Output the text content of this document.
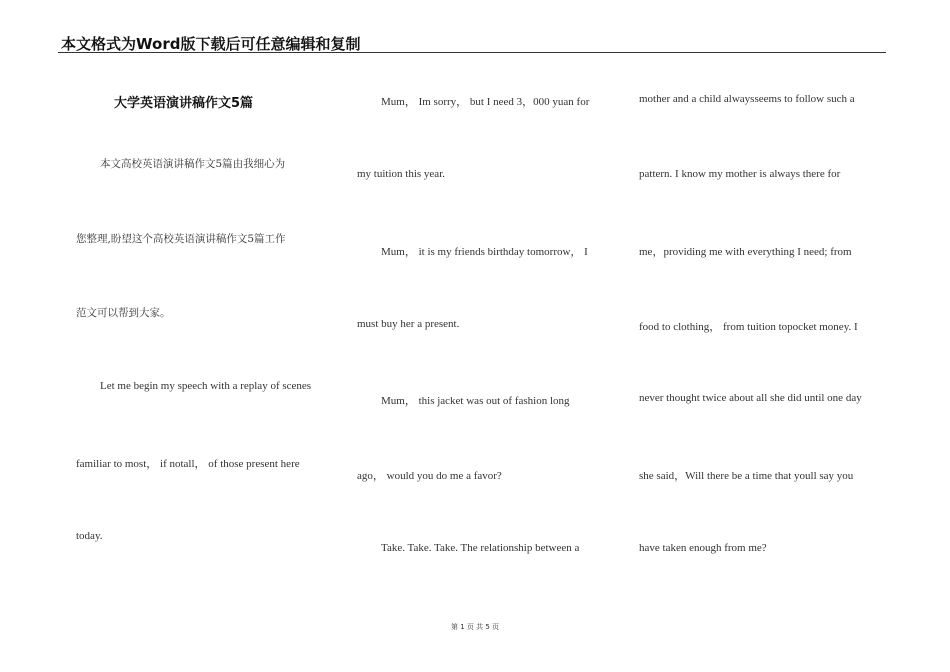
本文格式为Word版下载后可任意编辑和复制
大学英语演讲稿作文5篇
本文高校英语演讲稿作文5篇由我细心为
您整理,盼望这个高校英语演讲稿作文5篇工作
范文可以帮到大家。
Let me begin my speech with a replay of scenes
familiar to most， if notall， of those present here
today.
Mum， Im sorry， but I need 3，000 yuan for
my tuition this year.
Mum， it is my friends birthday tomorrow， I
must buy her a present.
Mum， this jacket was out of fashion long
ago， would you do me a favor?
Take. Take. Take. The relationship between a
mother and a child alwaysseems to follow such a
pattern. I know my mother is always there for
me，providing me with everything I need; from
food to clothing， from tuition topocket money. I
never thought twice about all she did until one day
she said，Will there be a time that youll say you
have taken enough from me?
第 1 页 共 5 页
